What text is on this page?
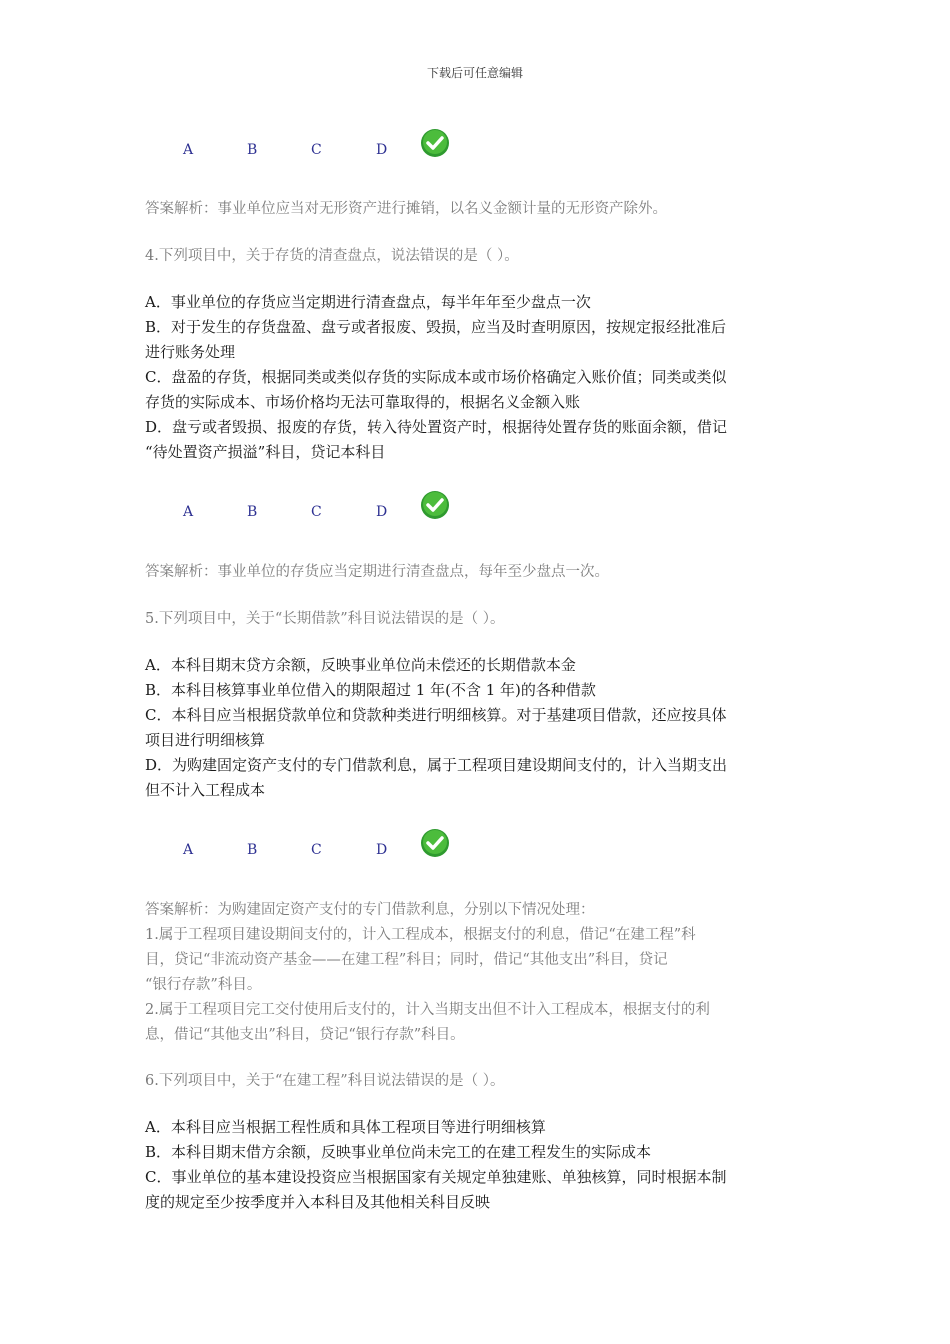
下载后可任意编辑
A	B	C	D
答案解析：事业单位应当对无形资产进行摊销，以名义金额计量的无形资产除外。
4.下列项目中，关于存货的清查盘点，说法错误的是（ ）。
A．事业单位的存货应当定期进行清查盘点，每半年年至少盘点一次
B．对于发生的存货盘盈、盘亏或者报废、毁损，应当及时查明原因，按规定报经批准后
进行账务处理
C．盘盈的存货，根据同类或类似存货的实际成本或市场价格确定入账价值；同类或类似
存货的实际成本、市场价格均无法可靠取得的，根据名义金额入账
D．盘亏或者毁损、报废的存货，转入待处置资产时，根据待处置存货的账面余额，借记
“待处置资产损溢”科目，贷记本科目
A	B	C	D
答案解析：事业单位的存货应当定期进行清查盘点，每年至少盘点一次。
5.下列项目中，关于“长期借款”科目说法错误的是（ ）。
A．本科目期末贷方余额，反映事业单位尚未偿还的长期借款本金
B．本科目核算事业单位借入的期限超过 1 年(不含 1 年)的各种借款
C．本科目应当根据贷款单位和贷款种类进行明细核算。对于基建项目借款，还应按具体
项目进行明细核算
D．为购建固定资产支付的专门借款利息，属于工程项目建设期间支付的，计入当期支出
但不计入工程成本
A	B	C	D
答案解析：为购建固定资产支付的专门借款利息，分别以下情况处理：
1.属于工程项目建设期间支付的，计入工程成本，根据支付的利息，借记“在建工程”科
目，贷记“非流动资产基金——在建工程”科目；同时，借记“其他支出”科目，贷记
“银行存款”科目。
2.属于工程项目完工交付使用后支付的，计入当期支出但不计入工程成本，根据支付的利
息，借记“其他支出”科目，贷记“银行存款”科目。
6.下列项目中，关于“在建工程”科目说法错误的是（ ）。
A．本科目应当根据工程性质和具体工程项目等进行明细核算
B．本科目期末借方余额，反映事业单位尚未完工的在建工程发生的实际成本
C．事业单位的基本建设投资应当根据国家有关规定单独建账、单独核算，同时根据本制
度的规定至少按季度并入本科目及其他相关科目反映
